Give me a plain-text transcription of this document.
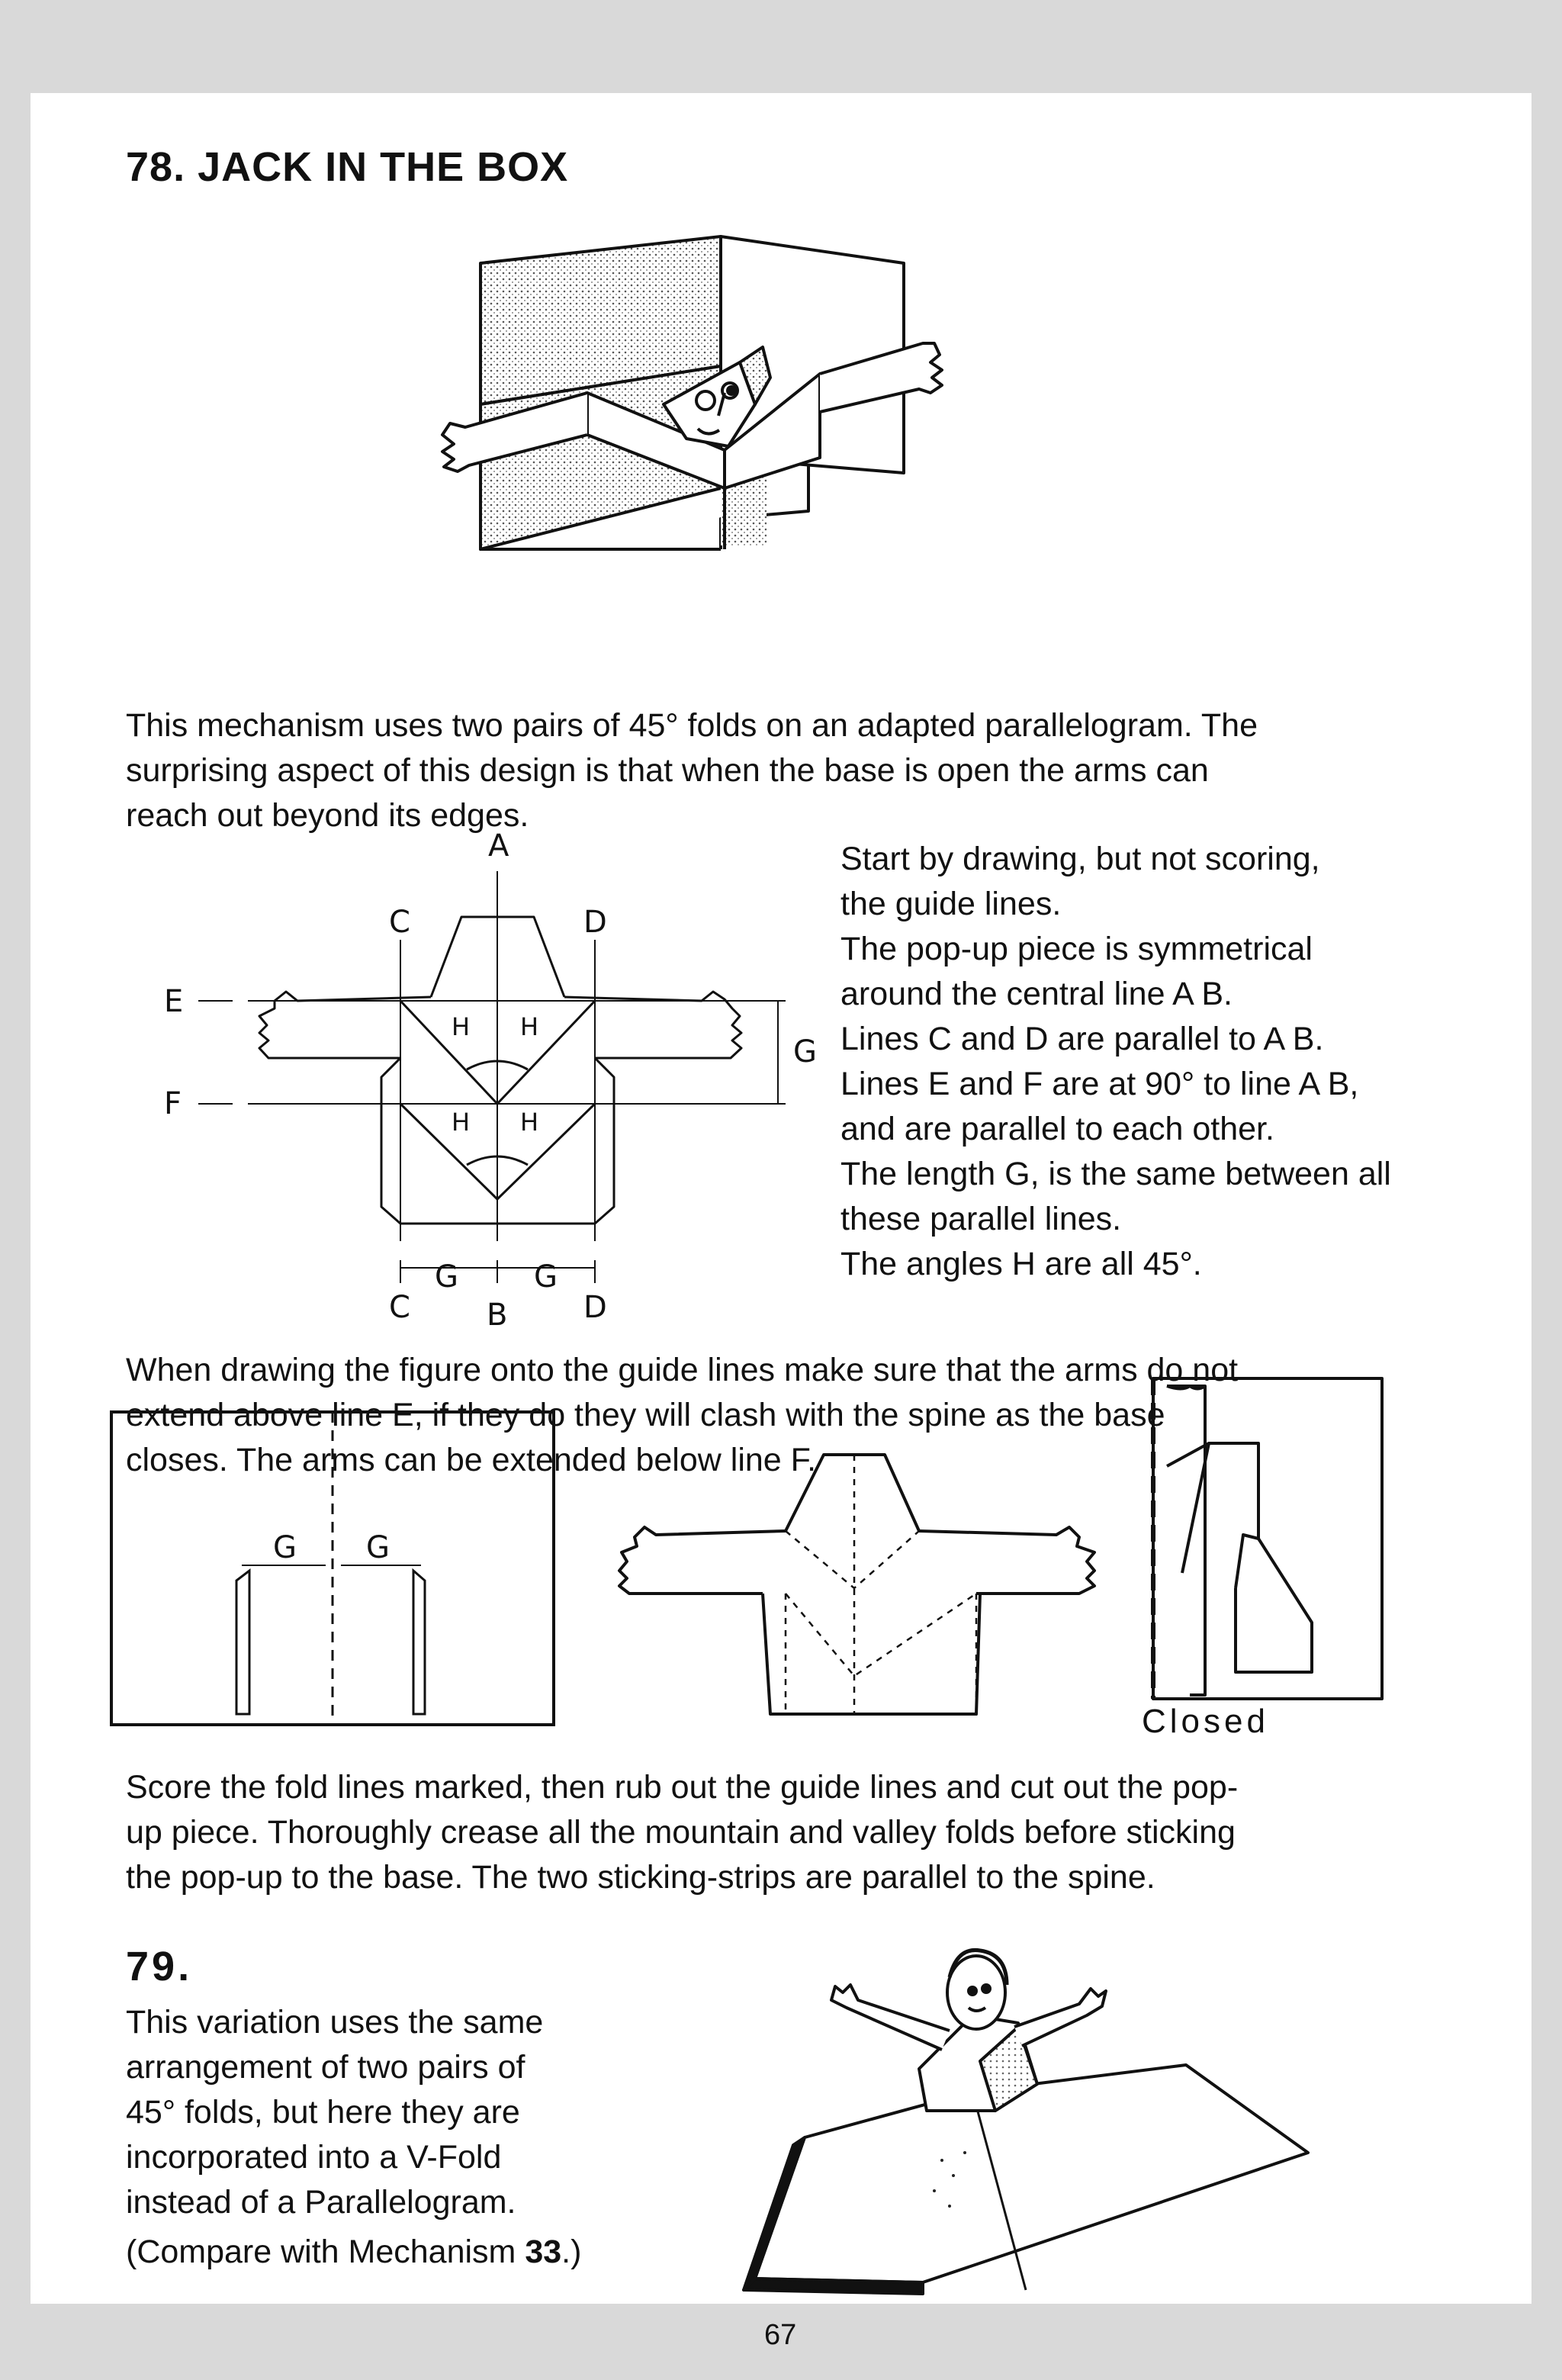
78. JACK IN THE BOX
This mechanism uses two pairs of 45° folds on an adapted parallelogram. The
surprising aspect of this design is that when the base is open the arms can
reach out beyond its edges.
A
C	D
E
F
G
H H
H H
G G
C	B D
Start by drawing, but not scoring,
the guide lines.
The pop-up piece is symmetrical
around the central line A B.
Lines C and D are parallel to A B.
Lines E and F are at 90° to line A B,
and are parallel to each other.
The length G, is the same between all
these parallel lines.
The angles H are all 45°.
When drawing the figure onto the guide lines make sure that the arms do not
extend above line E, if they do they will clash with the spine as the base
closes. The arms can be extended below line F.
G G
Closed
Score the fold lines marked, then rub out the guide lines and cut out the pop-
up piece. Thoroughly crease all the mountain and valley folds before sticking
the pop-up to the base. The two sticking-strips are parallel to the spine.
79.
This variation uses the same
arrangement of two pairs of
45° folds, but here they are
incorporated into a V-Fold
instead of a Parallelogram.
(Compare with Mechanism 33.)
67
